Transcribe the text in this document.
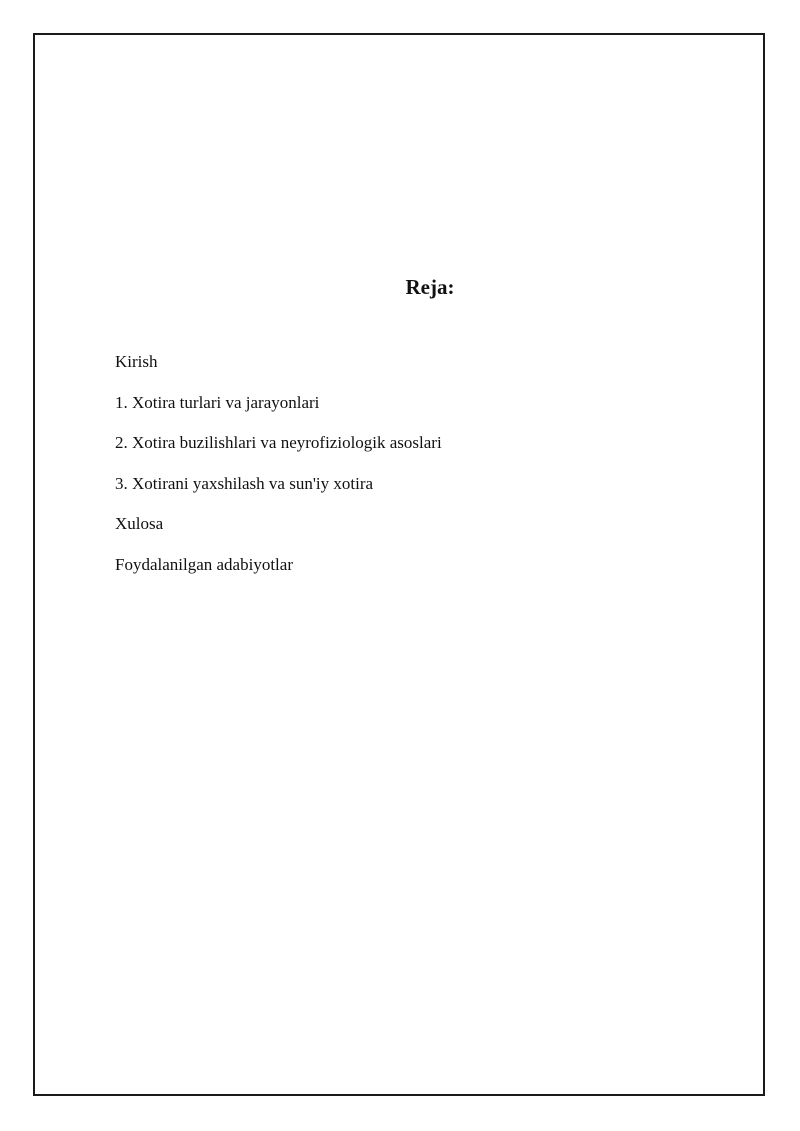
Reja:
Kirish
1. Xotira turlari va jarayonlari
2. Xotira buzilishlari va neyrofiziologik asoslari
3. Xotirani yaxshilash va sun'iy xotira
Xulosa
Foydalanilgan adabiyotlar
